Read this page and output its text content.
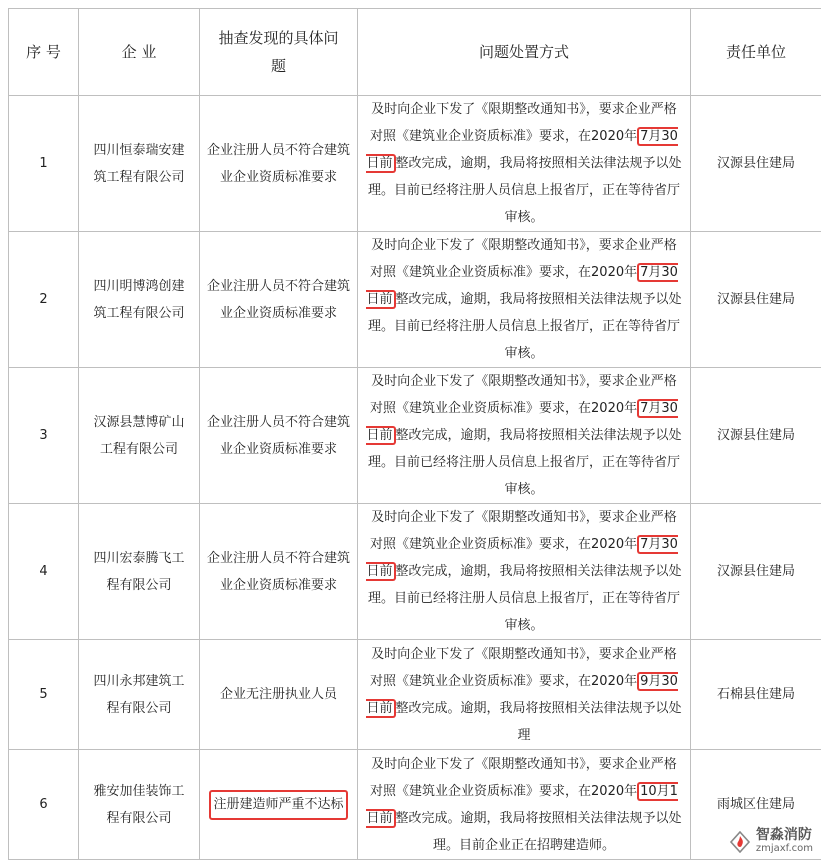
序 号	企 业	抽查发现的具体问题	问题处置方式	责任单位
1	四川恒泰瑞安建筑工程有限公司	企业注册人员不符合建筑业企业资质标准要求	及时向企业下发了《限期整改通知书》，要求企业严格对照《建筑业企业资质标准》要求，在2020年 7月30日前 整改完成，逾期，我局将按照相关法律法规予以处理。目前已经将注册人员信息上报省厅，正在等待省厅审核。	汉源县住建局
2	四川明博鸿创建筑工程有限公司	企业注册人员不符合建筑业企业资质标准要求	及时向企业下发了《限期整改通知书》，要求企业严格对照《建筑业企业资质标准》要求，在2020年 7月30日前 整改完成，逾期，我局将按照相关法律法规予以处理。目前已经将注册人员信息上报省厅，正在等待省厅审核。	汉源县住建局
3	汉源县慧博矿山工程有限公司	企业注册人员不符合建筑业企业资质标准要求	及时向企业下发了《限期整改通知书》，要求企业严格对照《建筑业企业资质标准》要求，在2020年 7月30日前 整改完成，逾期，我局将按照相关法律法规予以处理。目前已经将注册人员信息上报省厅，正在等待省厅审核。	汉源县住建局
4	四川宏泰腾飞工程有限公司	企业注册人员不符合建筑业企业资质标准要求	及时向企业下发了《限期整改通知书》，要求企业严格对照《建筑业企业资质标准》要求，在2020年 7月30日前 整改完成，逾期，我局将按照相关法律法规予以处理。目前已经将注册人员信息上报省厅，正在等待省厅审核。	汉源县住建局
5	四川永邦建筑工程有限公司	企业无注册执业人员	及时向企业下发了《限期整改通知书》，要求企业严格对照《建筑业企业资质标准》要求，在2020年 9月30日前 整改完成。逾期，我局将按照相关法律法规予以处理	石棉县住建局
6	雅安加佳装饰工程有限公司	注册建造师严重不达标	及时向企业下发了《限期整改通知书》，要求企业严格对照《建筑业企业资质标准》要求，在2020年 10月1日前 整改完成。逾期，我局将按照相关法律法规予以处理。目前企业正在招聘建造师。	雨城区住建局
智淼消防
zmjaxf.com
